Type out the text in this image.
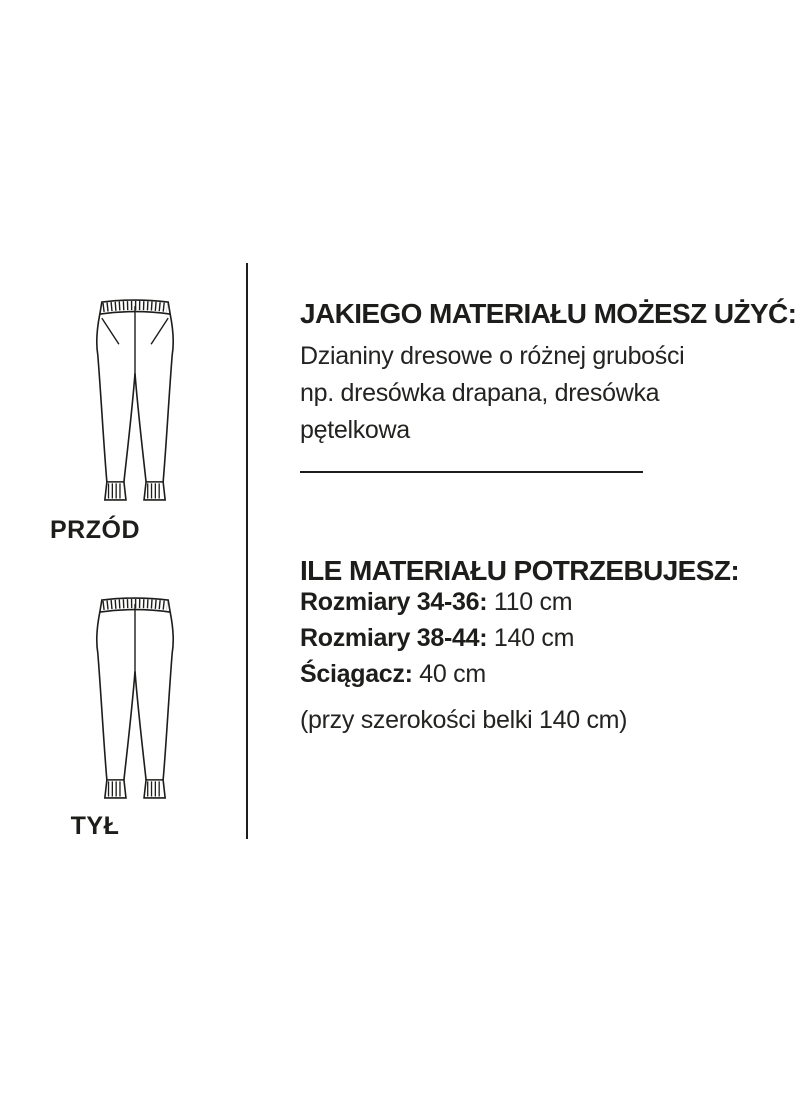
PRZÓD
TYŁ
JAKIEGO MATERIAŁU MOŻESZ UŻYĆ:
Dzianiny dresowe o różnej grubości
np. dresówka drapana, dresówka
pętelkowa
ILE MATERIAŁU POTRZEBUJESZ:
Rozmiary 34-36: 110 cm
Rozmiary 38-44: 140 cm
Ściągacz: 40 cm
(przy szerokości belki 140 cm)
